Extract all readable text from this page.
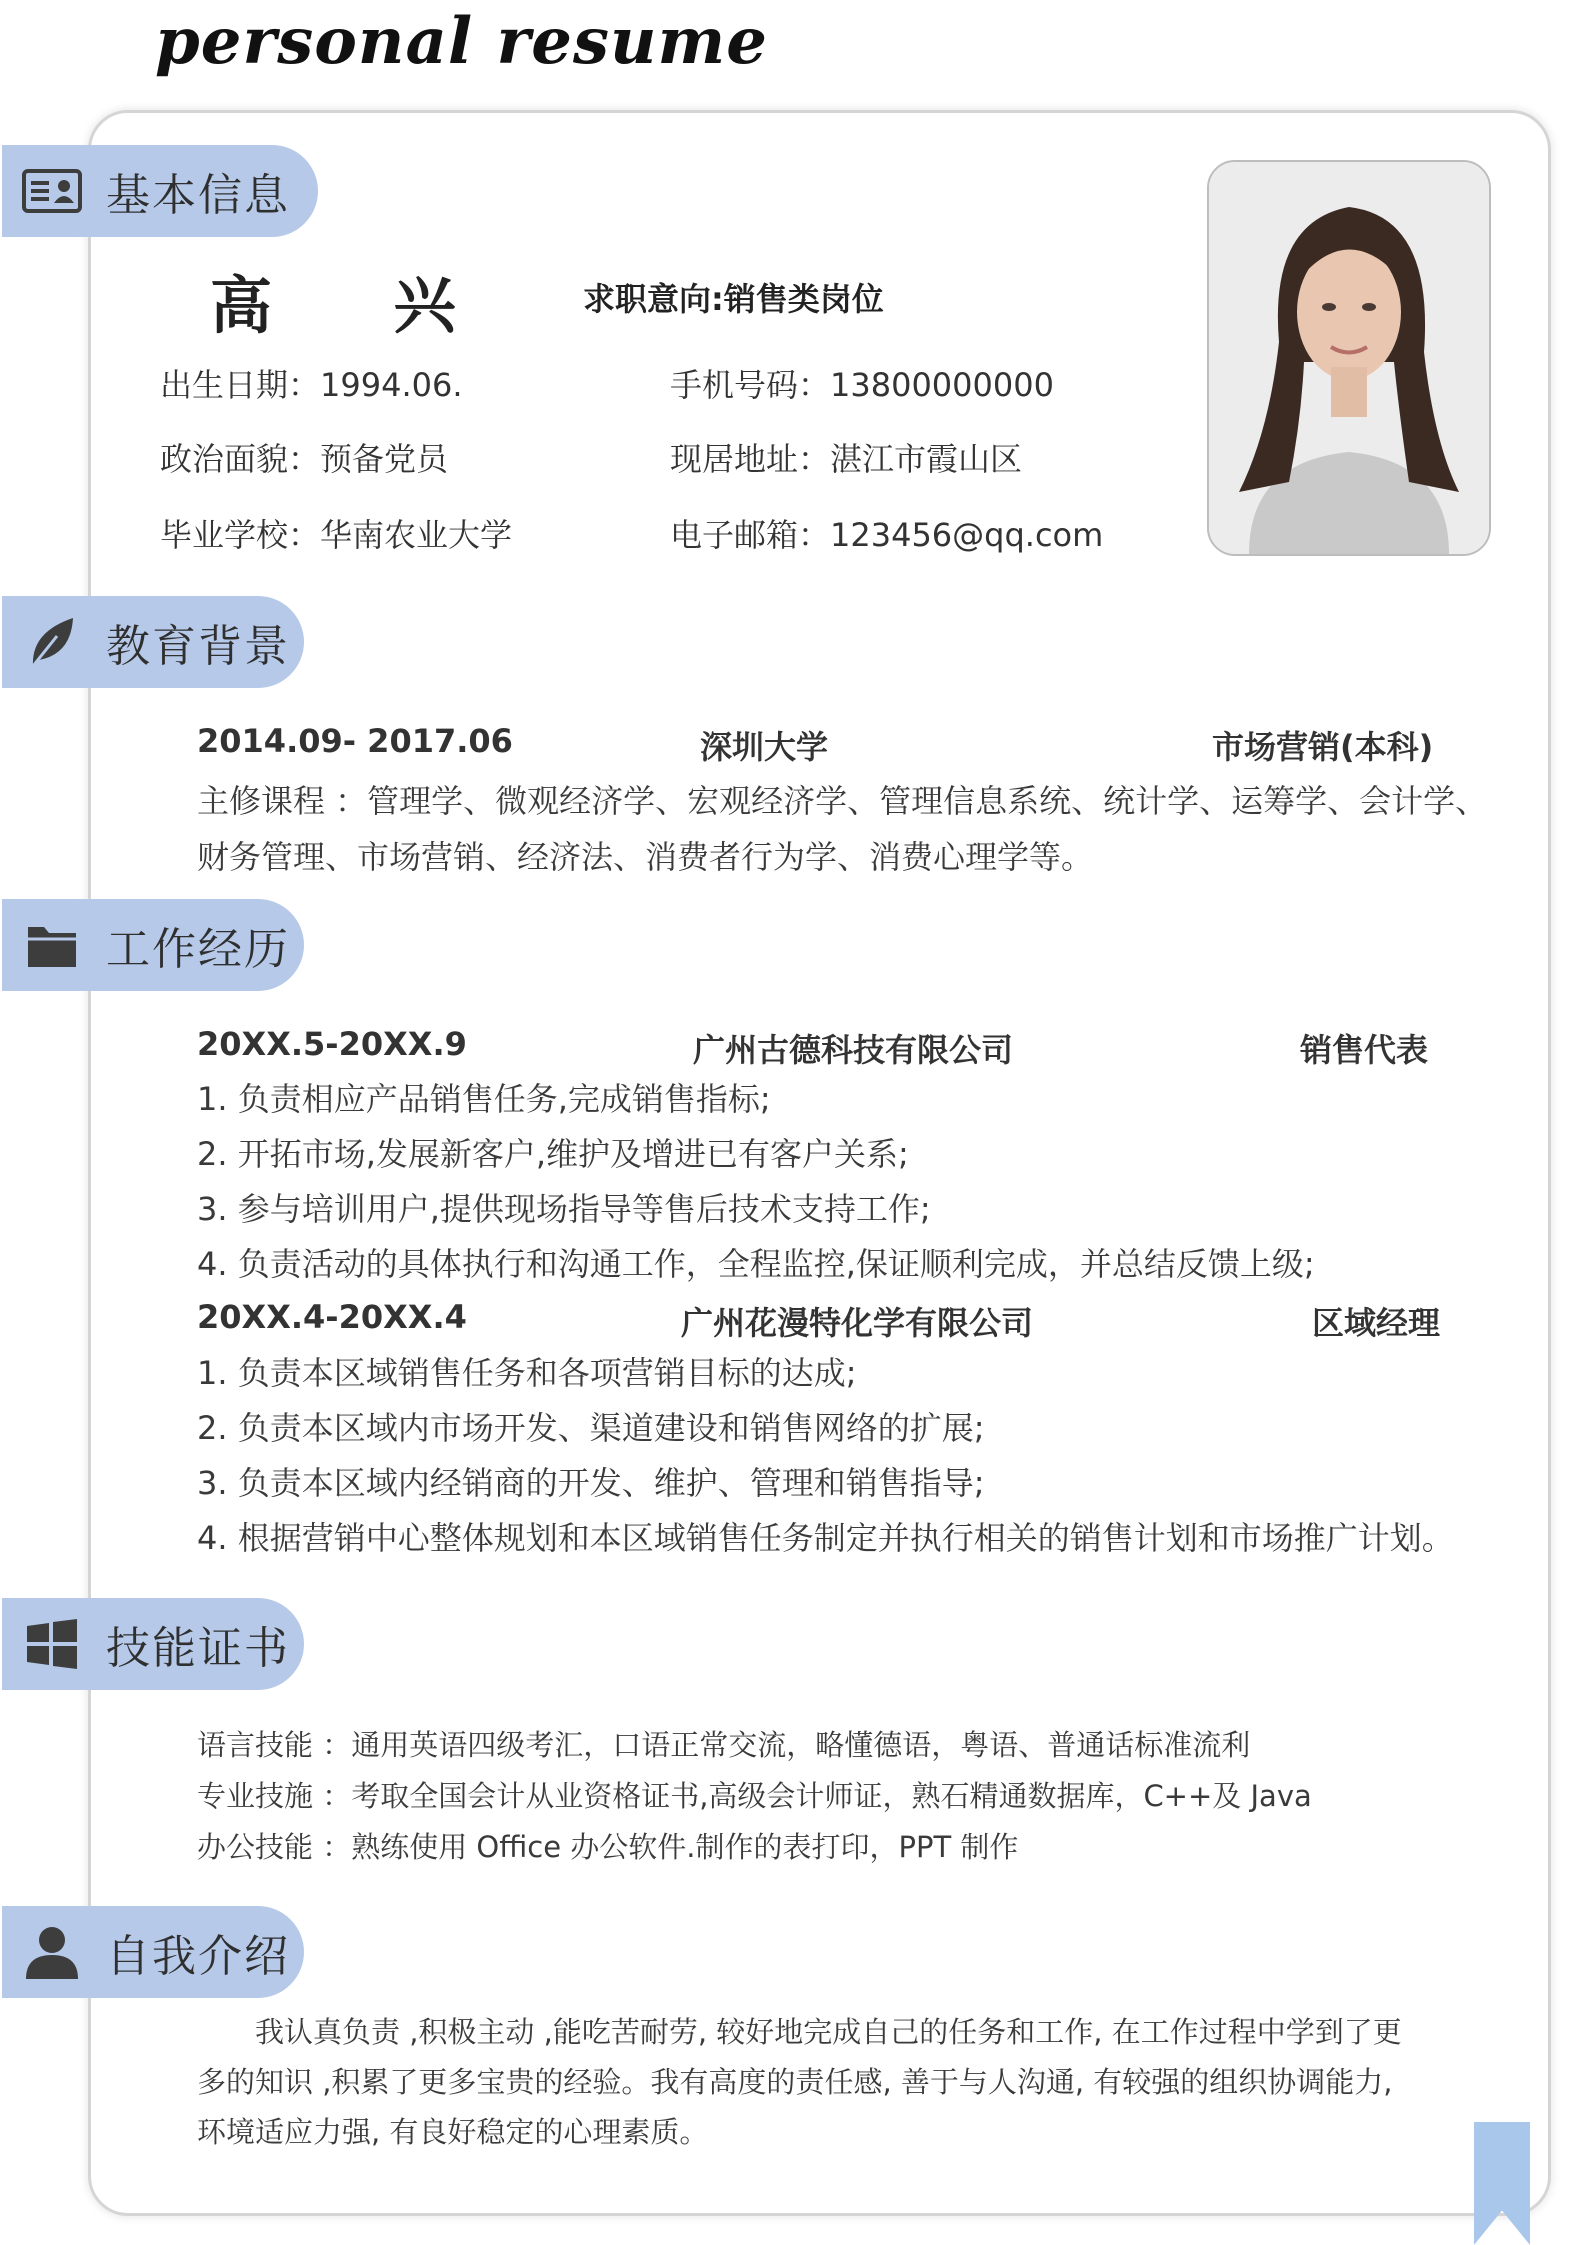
personal resume
基本信息
高 兴 求职意向:销售类岗位
出生日期：1994.06.
政治面貌：预备党员
毕业学校：华南农业大学
手机号码：13800000000
现居地址：湛江市霞山区
电子邮箱：123456@qq.com
教育背景
2014.09- 2017.06	深圳大学	市场营销(本科)
主修课程 ：管理学、微观经济学、宏观经济学、管理信息系统、统计学、运筹学、会计学、
财务管理、市场营销、经济法、消费者行为学、消费心理学等。
工作经历
20XX.5-20XX.9	广州古德科技有限公司	销售代表
1. 负责相应产品销售任务,完成销售指标;
2. 开拓市场,发展新客户,维护及增进已有客户关系;
3. 参与培训用户,提供现场指导等售后技术支持工作;
4. 负责活动的具体执行和沟通工作，全程监控,保证顺利完成，并总结反馈上级;
20XX.4-20XX.4	广州花漫特化学有限公司	区域经理
1. 负责本区域销售任务和各项营销目标的达成;
2. 负责本区域内市场开发、渠道建设和销售网络的扩展;
3. 负责本区域内经销商的开发、维护、管理和销售指导;
4. 根据营销中心整体规划和本区域销售任务制定并执行相关的销售计划和市场推广计划。
技能证书
语言技能 ：通用英语四级考汇，口语正常交流，略懂德语，粤语、普通话标准流利
专业技施 ：考取全国会计从业资格证书,高级会计师证，熟石精通数据库，C++及 Java
办公技能 ：熟练使用 Office 办公软件.制作的表打印，PPT 制作
自我介绍
我认真负责 ,积极主动 ,能吃苦耐劳, 较好地完成自己的任务和工作, 在工作过程中学到了更
多的知识 ,积累了更多宝贵的经验。我有高度的责任感, 善于与人沟通, 有较强的组织协调能力,
环境适应力强, 有良好稳定的心理素质。
